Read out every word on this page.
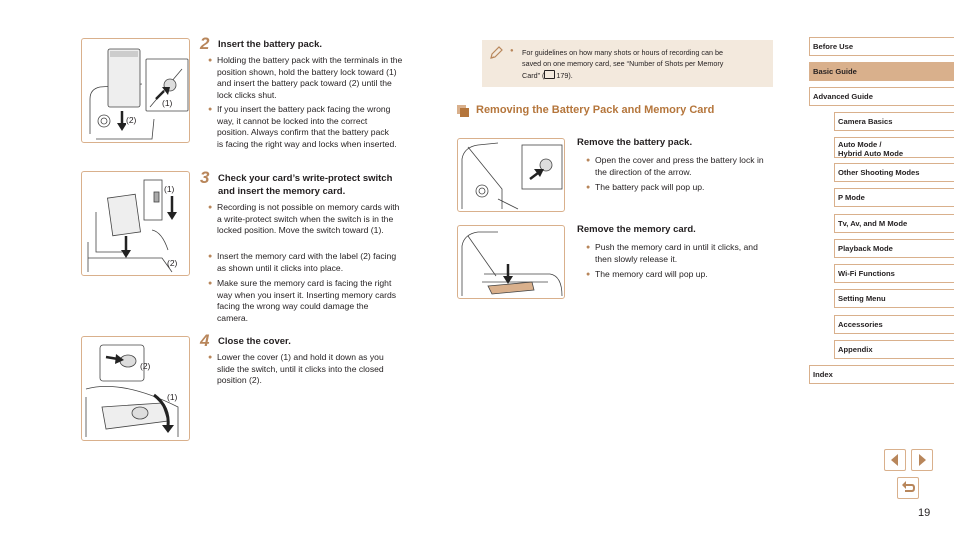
(2)
(1)
2 Insert the battery pack.
● Holding the battery pack with the terminals in the position shown, hold the battery lock toward (1) and insert the battery pack toward (2) until the lock clicks shut.
● If you insert the battery pack facing the wrong way, it cannot be locked into the correct position. Always confirm that the battery pack is facing the right way and locks when inserted.
(1)
(2)
3 Check your card’s write-protect switch and insert the memory card.
● Recording is not possible on memory cards with a write-protect switch when the switch is in the locked position. Move the switch toward (1).
● Insert the memory card with the label (2) facing as shown until it clicks into place.
● Make sure the memory card is facing the right way when you insert it. Inserting memory cards facing the wrong way could damage the camera.
(2)
(1)
4 Close the cover.
● Lower the cover (1) and hold it down as you slide the switch, until it clicks into the closed position (2).
● For guidelines on how many shots or hours of recording can be
saved on one memory card, see “Number of Shots per Memory
Card” ( 179).
Removing the Battery Pack and Memory Card
Remove the battery pack.
● Open the cover and press the battery lock in the direction of the arrow.
● The battery pack will pop up.
Remove the memory card.
● Push the memory card in until it clicks, and then slowly release it.
● The memory card will pop up.
Before Use
Basic Guide
Advanced Guide
Camera Basics
Auto Mode /
Hybrid Auto Mode
Other Shooting Modes
P Mode
Tv, Av, and M Mode
Playback Mode
Wi-Fi Functions
Setting Menu
Accessories
Appendix
Index
19
